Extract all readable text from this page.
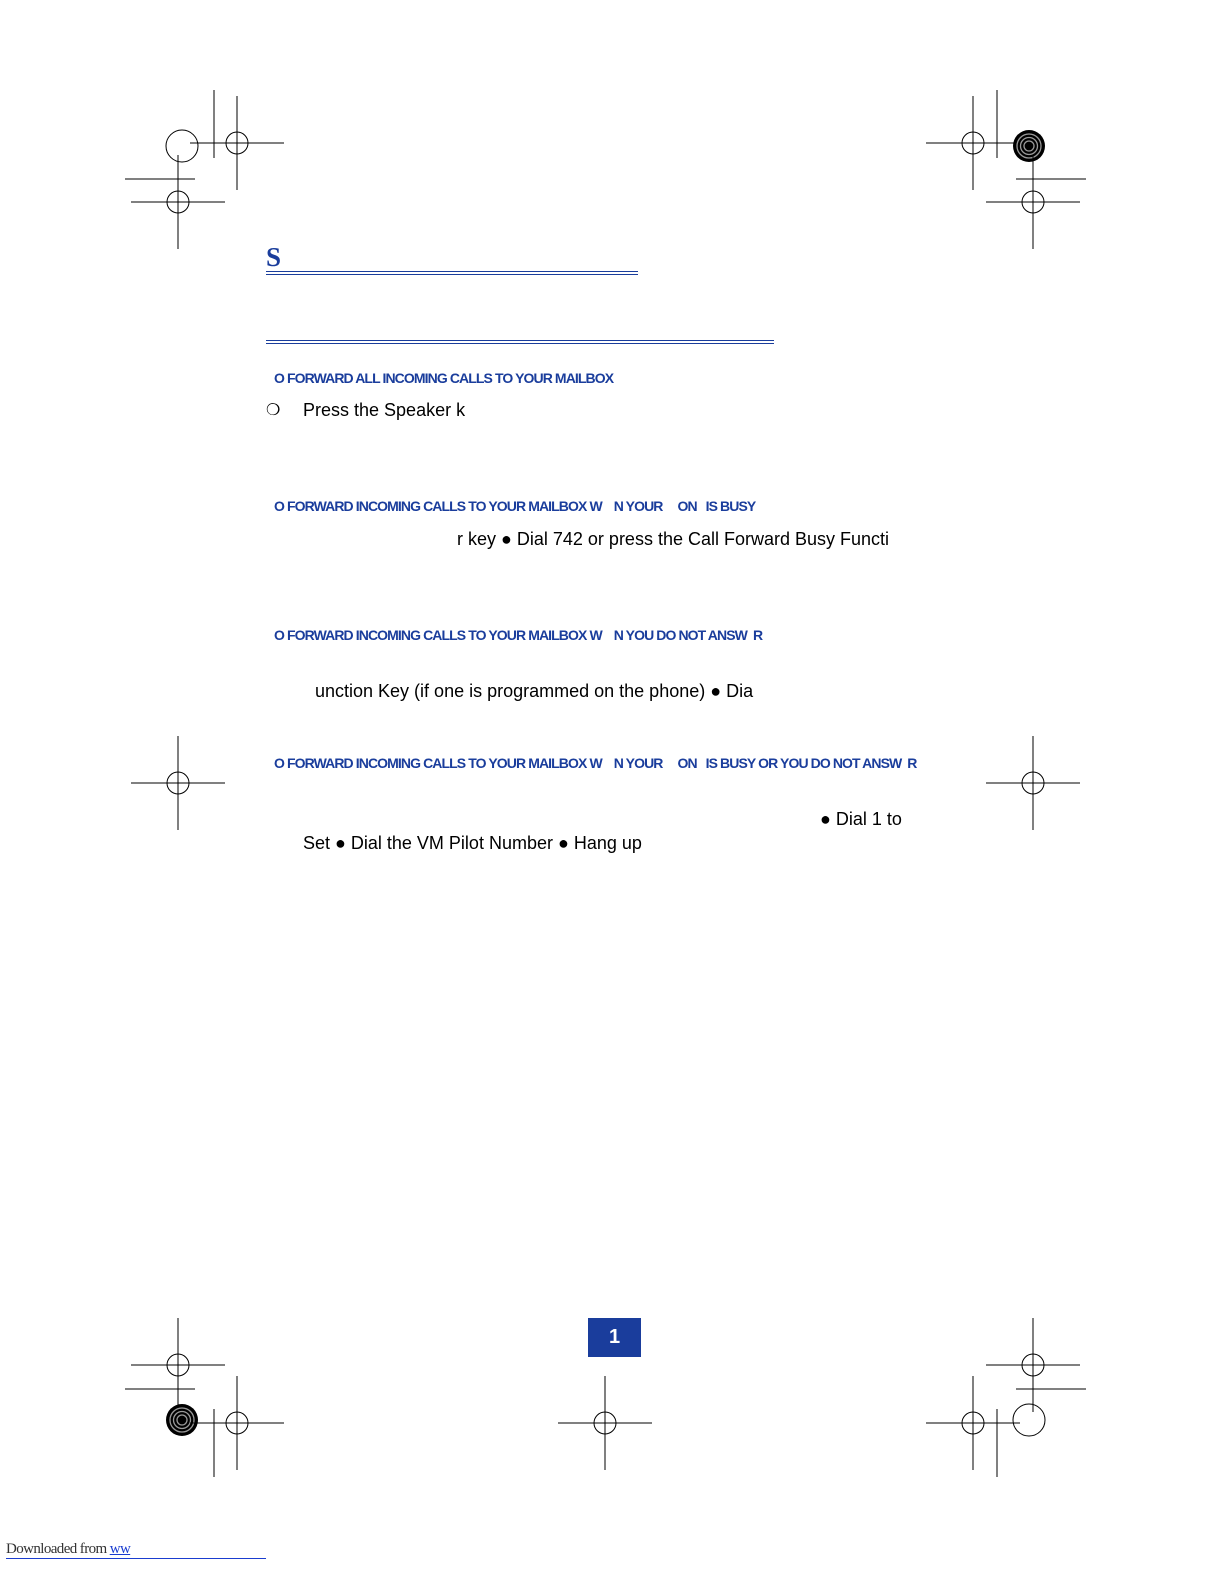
S
O FORWARD ALL INCOMING CALLS TO YOUR MAILBOX
❍ Press the Speaker k
O FORWARD INCOMING CALLS TO YOUR MAILBOX W    N YOUR     ON   IS BUSY
r key ● Dial 742 or press the Call Forward Busy Functi
O FORWARD INCOMING CALLS TO YOUR MAILBOX W    N YOU DO NOT ANSW  R
unction Key (if one is programmed on the phone) ● Dia
O FORWARD INCOMING CALLS TO YOUR MAILBOX W    N YOUR     ON   IS BUSY OR YOU DO NOT ANSW  R
● Dial 1 to
Set ● Dial the VM Pilot Number ● Hang up
1
Downloaded from ww
